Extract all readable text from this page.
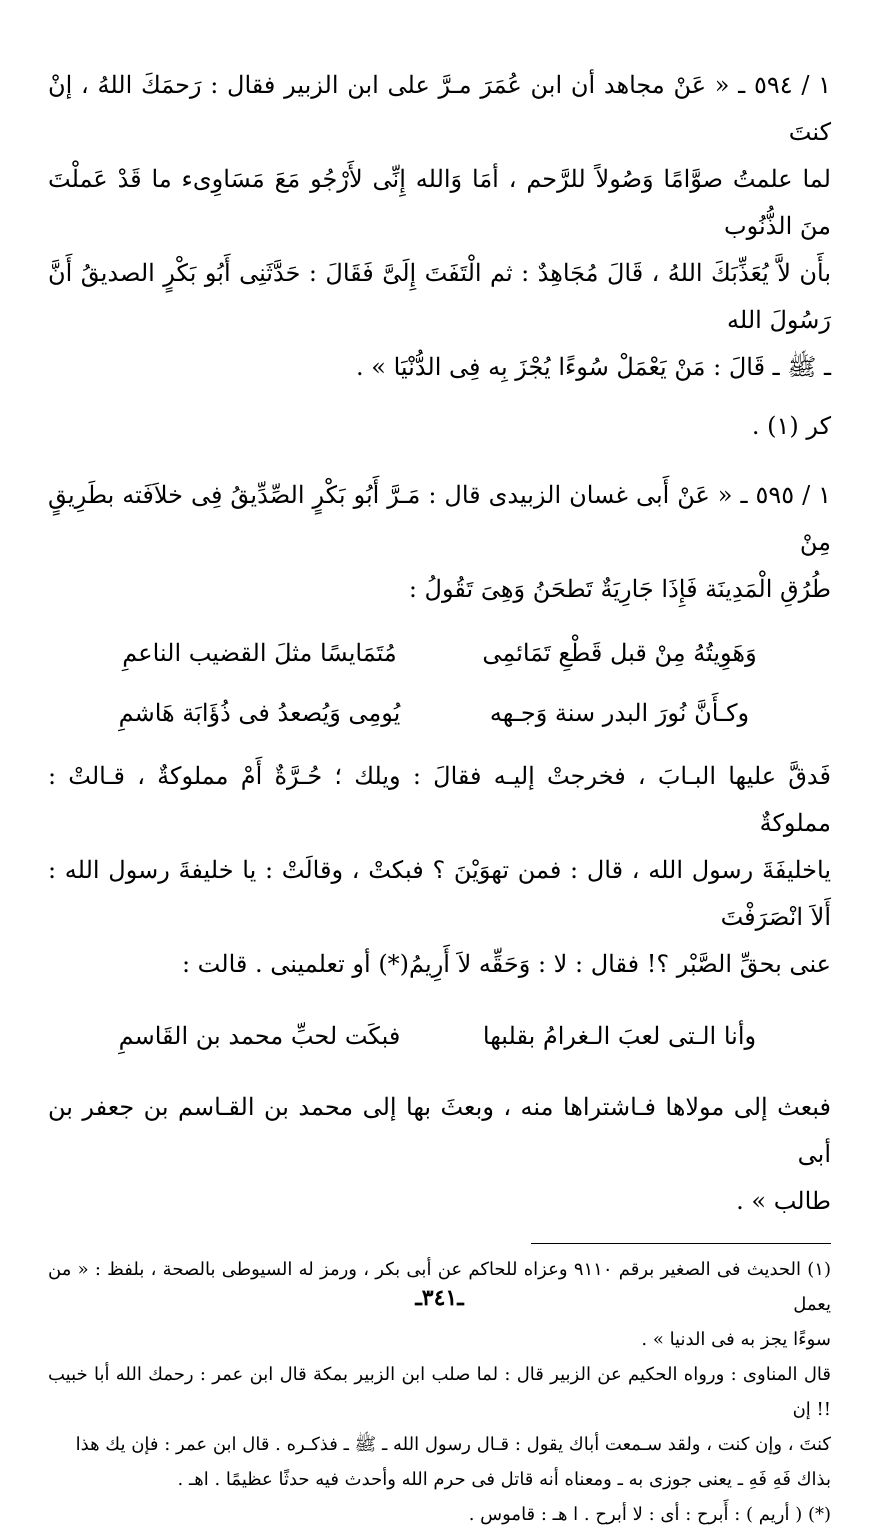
١ / ٥٩٤ ـ « عَنْ مجاهد أن ابن عُمَرَ مـرَّ على ابن الزبير فقال : رَحمَكَ اللهُ ، إنْ كنتَ

لما علمتُ صوَّامًا وَصُولاً للرَّحم ، أمَا وَالله إِنِّى لأَرْجُو مَعَ مَسَاوِىء ما قَدْ عَملْتَ منَ الذُّنُوب

بأَن لاَّ يُعَذِّبَكَ اللهُ ، قَالَ مُجَاهِدٌ : ثم الْتَفَتَ إِلَىَّ فَقَالَ : حَدَّثَنِى أَبُو بَكْرٍ الصديقُ أَنَّ رَسُولَ الله

ـ ﷺ ـ قَالَ : مَنْ يَعْمَلْ سُوءًا يُجْزَ بِه فِى الدُّنْيَا » .

كر (١) .

١ / ٥٩٥ ـ « عَنْ أَبى غسان الزبيدى قال : مَـرَّ أَبُو بَكْرٍ الصِّدِّيقُ فِى خلاَفَته بطَرِيقٍ مِنْ

طُرُقِ الْمَدِينَة فَإِذَا جَارِيَةٌ تَطحَنُ وَهِىَ تَقُولُ :

وَهَوِيتُهُ مِنْ قبل قَطْعِ تَمَائمِى
مُتَمَايسًا مثلَ القضيب الناعمِ
وكـأَنَّ نُورَ البدر سنة وَجـهه
يُومِى وَيُصعدُ فى ذُؤَابَة هَاشمِ

فَدقَّ عليها البـابَ ، فخرجتْ إليـه فقالَ : ويلك ؛ حُـرَّةٌ أَمْ مملوكةٌ ، قـالتْ : مملوكةٌ

ياخليفَةَ رسول الله ، قال : فمن تهوَيْنَ ؟ فبكتْ ، وقالَتْ : يا خليفةَ رسول الله : أَلاَ انْصَرَفْتَ

عنى بحقِّ الصَّبْر ؟! فقال : لا : وَحَقِّه لاَ أَرِيمُ(*) أو تعلمينى . قالت :

وأنا الـتى لعبَ الـغرامُ بقلبها
فبكَت لحبِّ محمد بن القَاسمِ

فبعث إلى مولاها فـاشتراها منه ، وبعثَ بها إلى محمد بن القـاسم بن جعفر بن أبى

طالب » .

(١) الحديث فى الصغير برقم ٩١١٠ وعزاه للحاكم عن أبى بكر ، ورمز له السيوطى بالصحة ، بلفظ : « من يعمل

سوءًا يجز به فى الدنيا » .

قال المناوى : ورواه الحكيم عن الزبير قال : لما صلب ابن الزبير بمكة قال ابن عمر : رحمك الله أبا خبيب !! إن

كنتَ ، وإن كنت ، ولقد سـمعت أباك يقول : قـال رسول الله ـ ﷺ ـ فذكـره . قال ابن عمر : فإن يك هذا

بذاك فَهِ فَهِ ـ يعنى جوزى به ـ ومعناه أنه قاتل فى حرم الله وأحدث فيه حدثًا عظيمًا . اهـ .

(*) ( أريم ) : أَبرح : أى : لا أبرح . ا هـ : قاموس .

ـ٣٤١ـ
